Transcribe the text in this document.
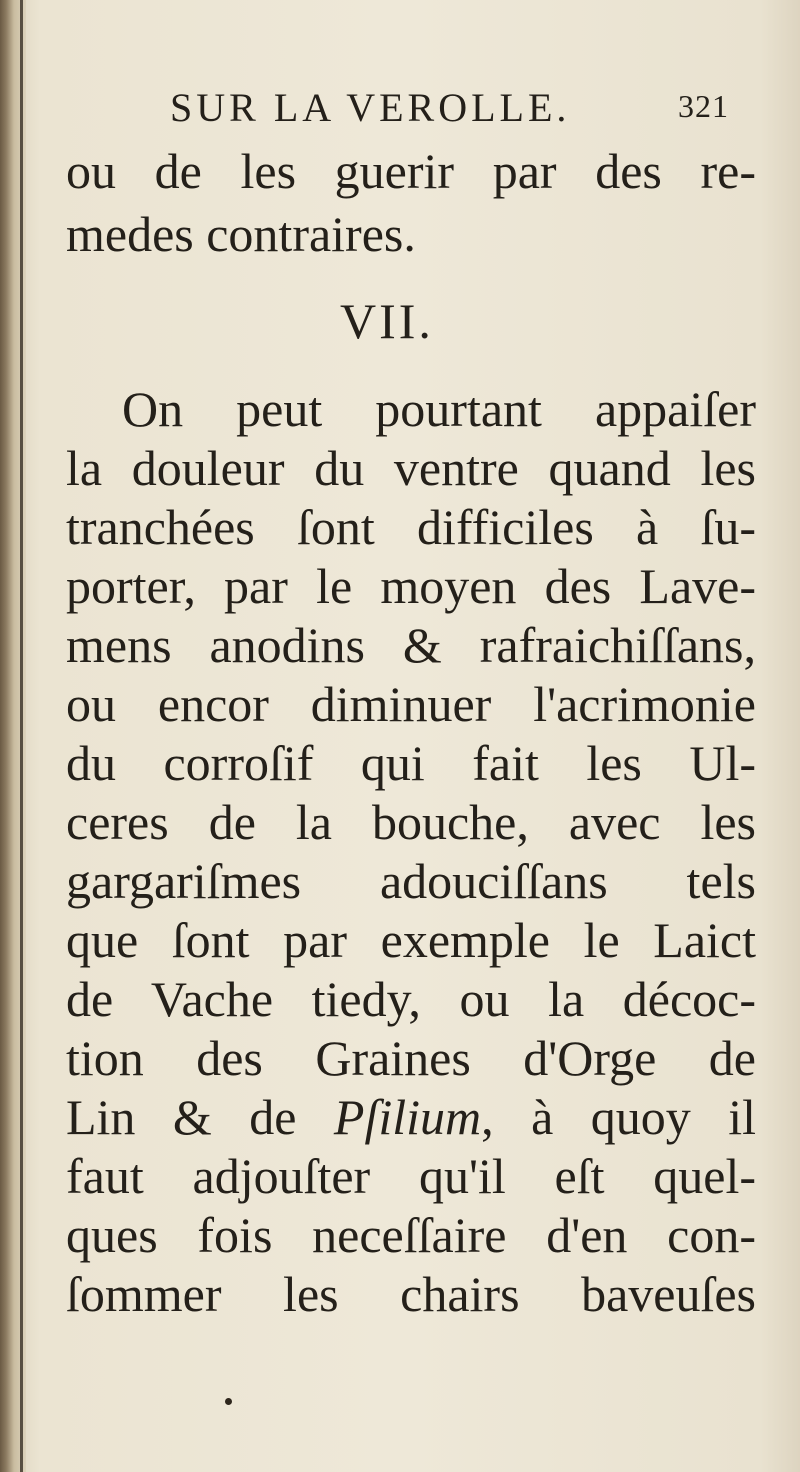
SUR LA VEROLLE.	321
ou de les guerir par des re-
medes contraires.
VII.
On peut pourtant appaiſer
la douleur du ventre quand les
tranchées ſont difficiles à ſu-
porter, par le moyen des Lave-
mens anodins & rafraichiſſans,
ou encor diminuer l'acrimonie
du corroſif qui fait les Ul-
ceres de la bouche, avec les
gargariſmes adouciſſans tels
que ſont par exemple le Laict
de Vache tiedy, ou la décoc-
tion des Graines d'Orge de
Lin & de Pſilium, à quoy il
faut adjouſter qu'il eſt quel-
ques fois neceſſaire d'en con-
ſommer les chairs baveuſes
